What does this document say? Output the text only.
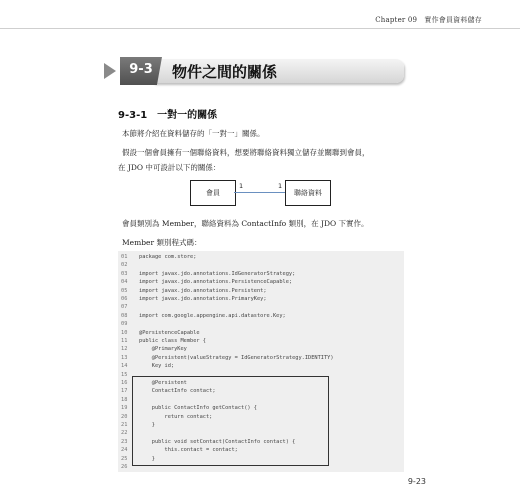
Chapter 09　實作會員資料儲存
9-3	物件之間的關係
9-3-1　一對一的關係
本節將介紹在資料儲存的「一對一」關係。
假設一個會員擁有一個聯絡資料，想要將聯絡資料獨立儲存並關聯到會員，
在 JDO 中可設計以下的關係：
會員
1	1
聯絡資料
會員類別為 Member，聯絡資料為 ContactInfo 類別，在 JDO 下實作。
Member 類別程式碼：
01 package com.store;
02
03 import javax.jdo.annotations.IdGeneratorStrategy;
04 import javax.jdo.annotations.PersistenceCapable;
05 import javax.jdo.annotations.Persistent;
06 import javax.jdo.annotations.PrimaryKey;
07
08 import com.google.appengine.api.datastore.Key;
09
10 @PersistenceCapable
11 public class Member {
12    @PrimaryKey
13    @Persistent(valueStrategy = IdGeneratorStrategy.IDENTITY)
14    Key id;
15
16    @Persistent
17    ContactInfo contact;
18
19    public ContactInfo getContact() {
20        return contact;
21    }
22
23    public void setContact(ContactInfo contact) {
24        this.contact = contact;
25    }
26
9-23
